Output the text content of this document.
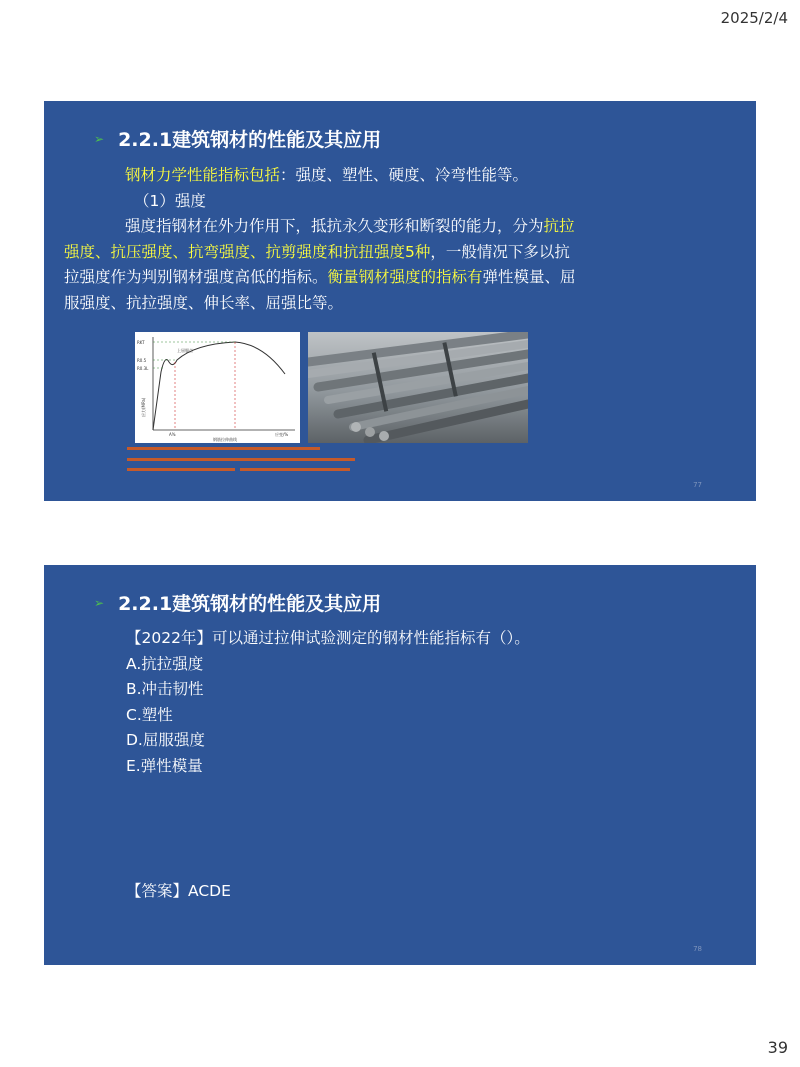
2025/2/4
➢ 2.2.1建筑钢材的性能及其应用
钢材力学性能指标包括：强度、塑性、硬度、冷弯性能等。
（1）强度
强度指钢材在外力作用下，抵抗永久变形和断裂的能力，分为抗拉强度、抗压强度、抗弯强度、抗剪强度和抗扭强度5种，一般情况下多以抗拉强度作为判别钢材强度高低的指标。衡量钢材强度的指标有弹性模量、屈服强度、抗拉强度、伸长率、屈强比等。
RKT
R0.5
R0.3L
应力(MPa)
A%	应变/%
上屈服点
钢筋拉伸曲线
77
➢ 2.2.1建筑钢材的性能及其应用
【2022年】可以通过拉伸试验测定的钢材性能指标有（）。
A.抗拉强度
B.冲击韧性
C.塑性
D.屈服强度
E.弹性模量
【答案】ACDE
78
39
